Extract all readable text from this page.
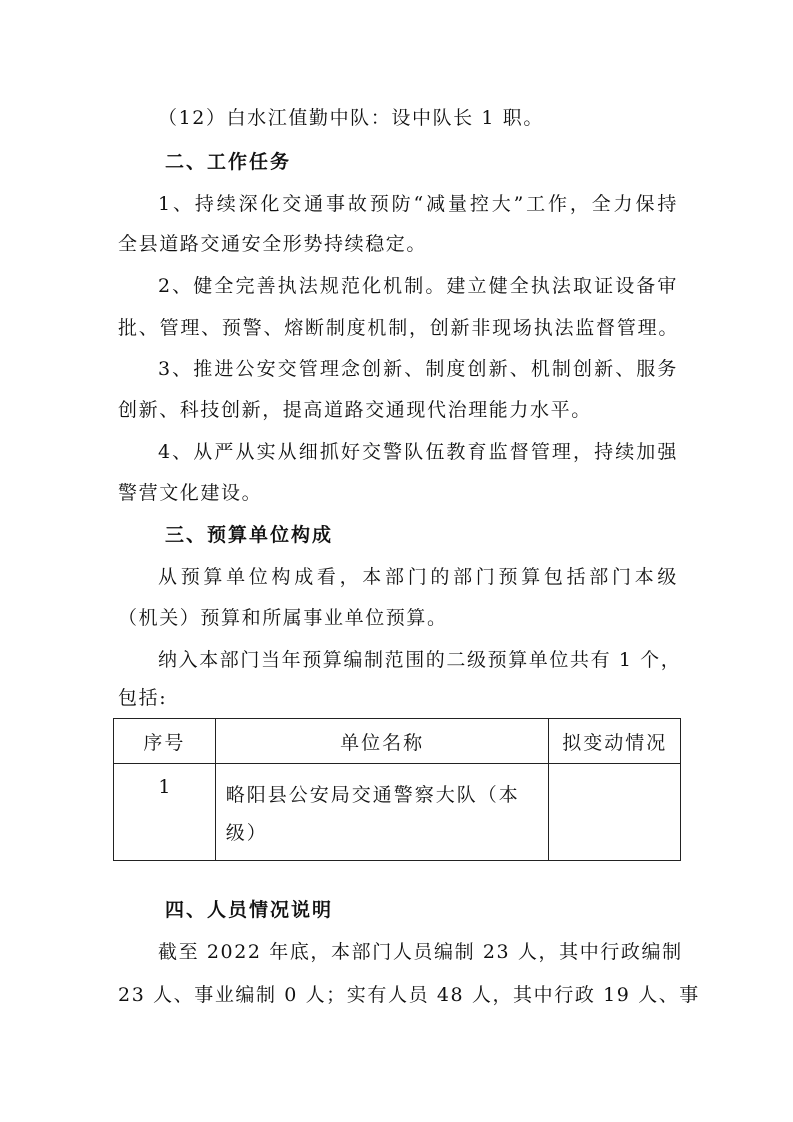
（12）白水江值勤中队：设中队长 1 职。
二、工作任务
1、持续深化交通事故预防“减量控大”工作，全力保持
全县道路交通安全形势持续稳定。
2、健全完善执法规范化机制。建立健全执法取证设备审
批、管理、预警、熔断制度机制，创新非现场执法监督管理。
3、推进公安交管理念创新、制度创新、机制创新、服务
创新、科技创新，提高道路交通现代治理能力水平。
4、从严从实从细抓好交警队伍教育监督管理，持续加强
警营文化建设。
三、预算单位构成
从预算单位构成看，本部门的部门预算包括部门本级
（机关）预算和所属事业单位预算。
纳入本部门当年预算编制范围的二级预算单位共有 1 个，
包括:
序号	单位名称	拟变动情况
1	略阳县公安局交通警察大队（本级）	
四、人员情况说明
截至 2022 年底，本部门人员编制 23 人，其中行政编制
23 人、事业编制 0 人；实有人员 48 人，其中行政 19 人、事
